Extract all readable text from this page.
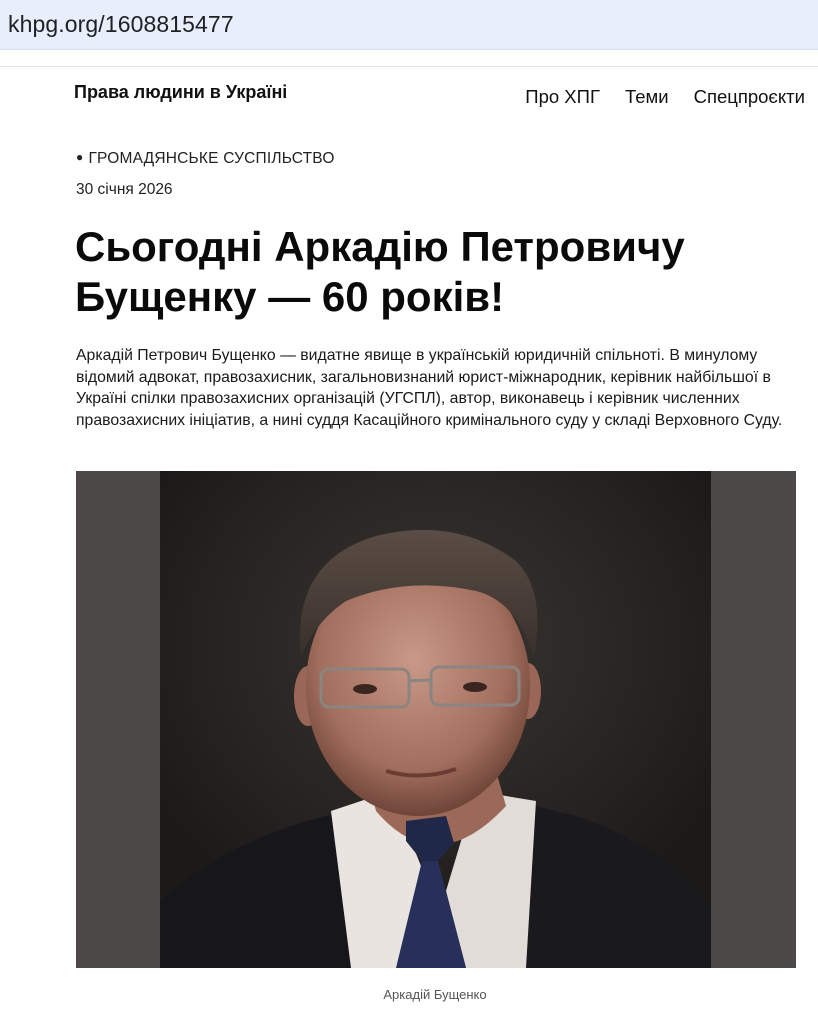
khpg.org/1608815477
Права людини в Україні	Про ХПГ Теми Спецпроєкти
● ГРОМАДЯНСЬКЕ СУСПІЛЬСТВО
30 січня 2026
Сьогодні Аркадію Петровичу Бущенку — 60 років!

Аркадій Петрович Бущенко — видатне явище в українській юридичній спільноті. В минулому відомий адвокат, правозахисник, загальновизнаний юрист-міжнародник, керівник найбільшої в Україні спілки правозахисних організацій (УГСПЛ), автор, виконавець і керівник численних правозахисних ініціатив, а нині суддя Касаційного кримінального суду у складі Верховного Суду.

Аркадій Бущенко
